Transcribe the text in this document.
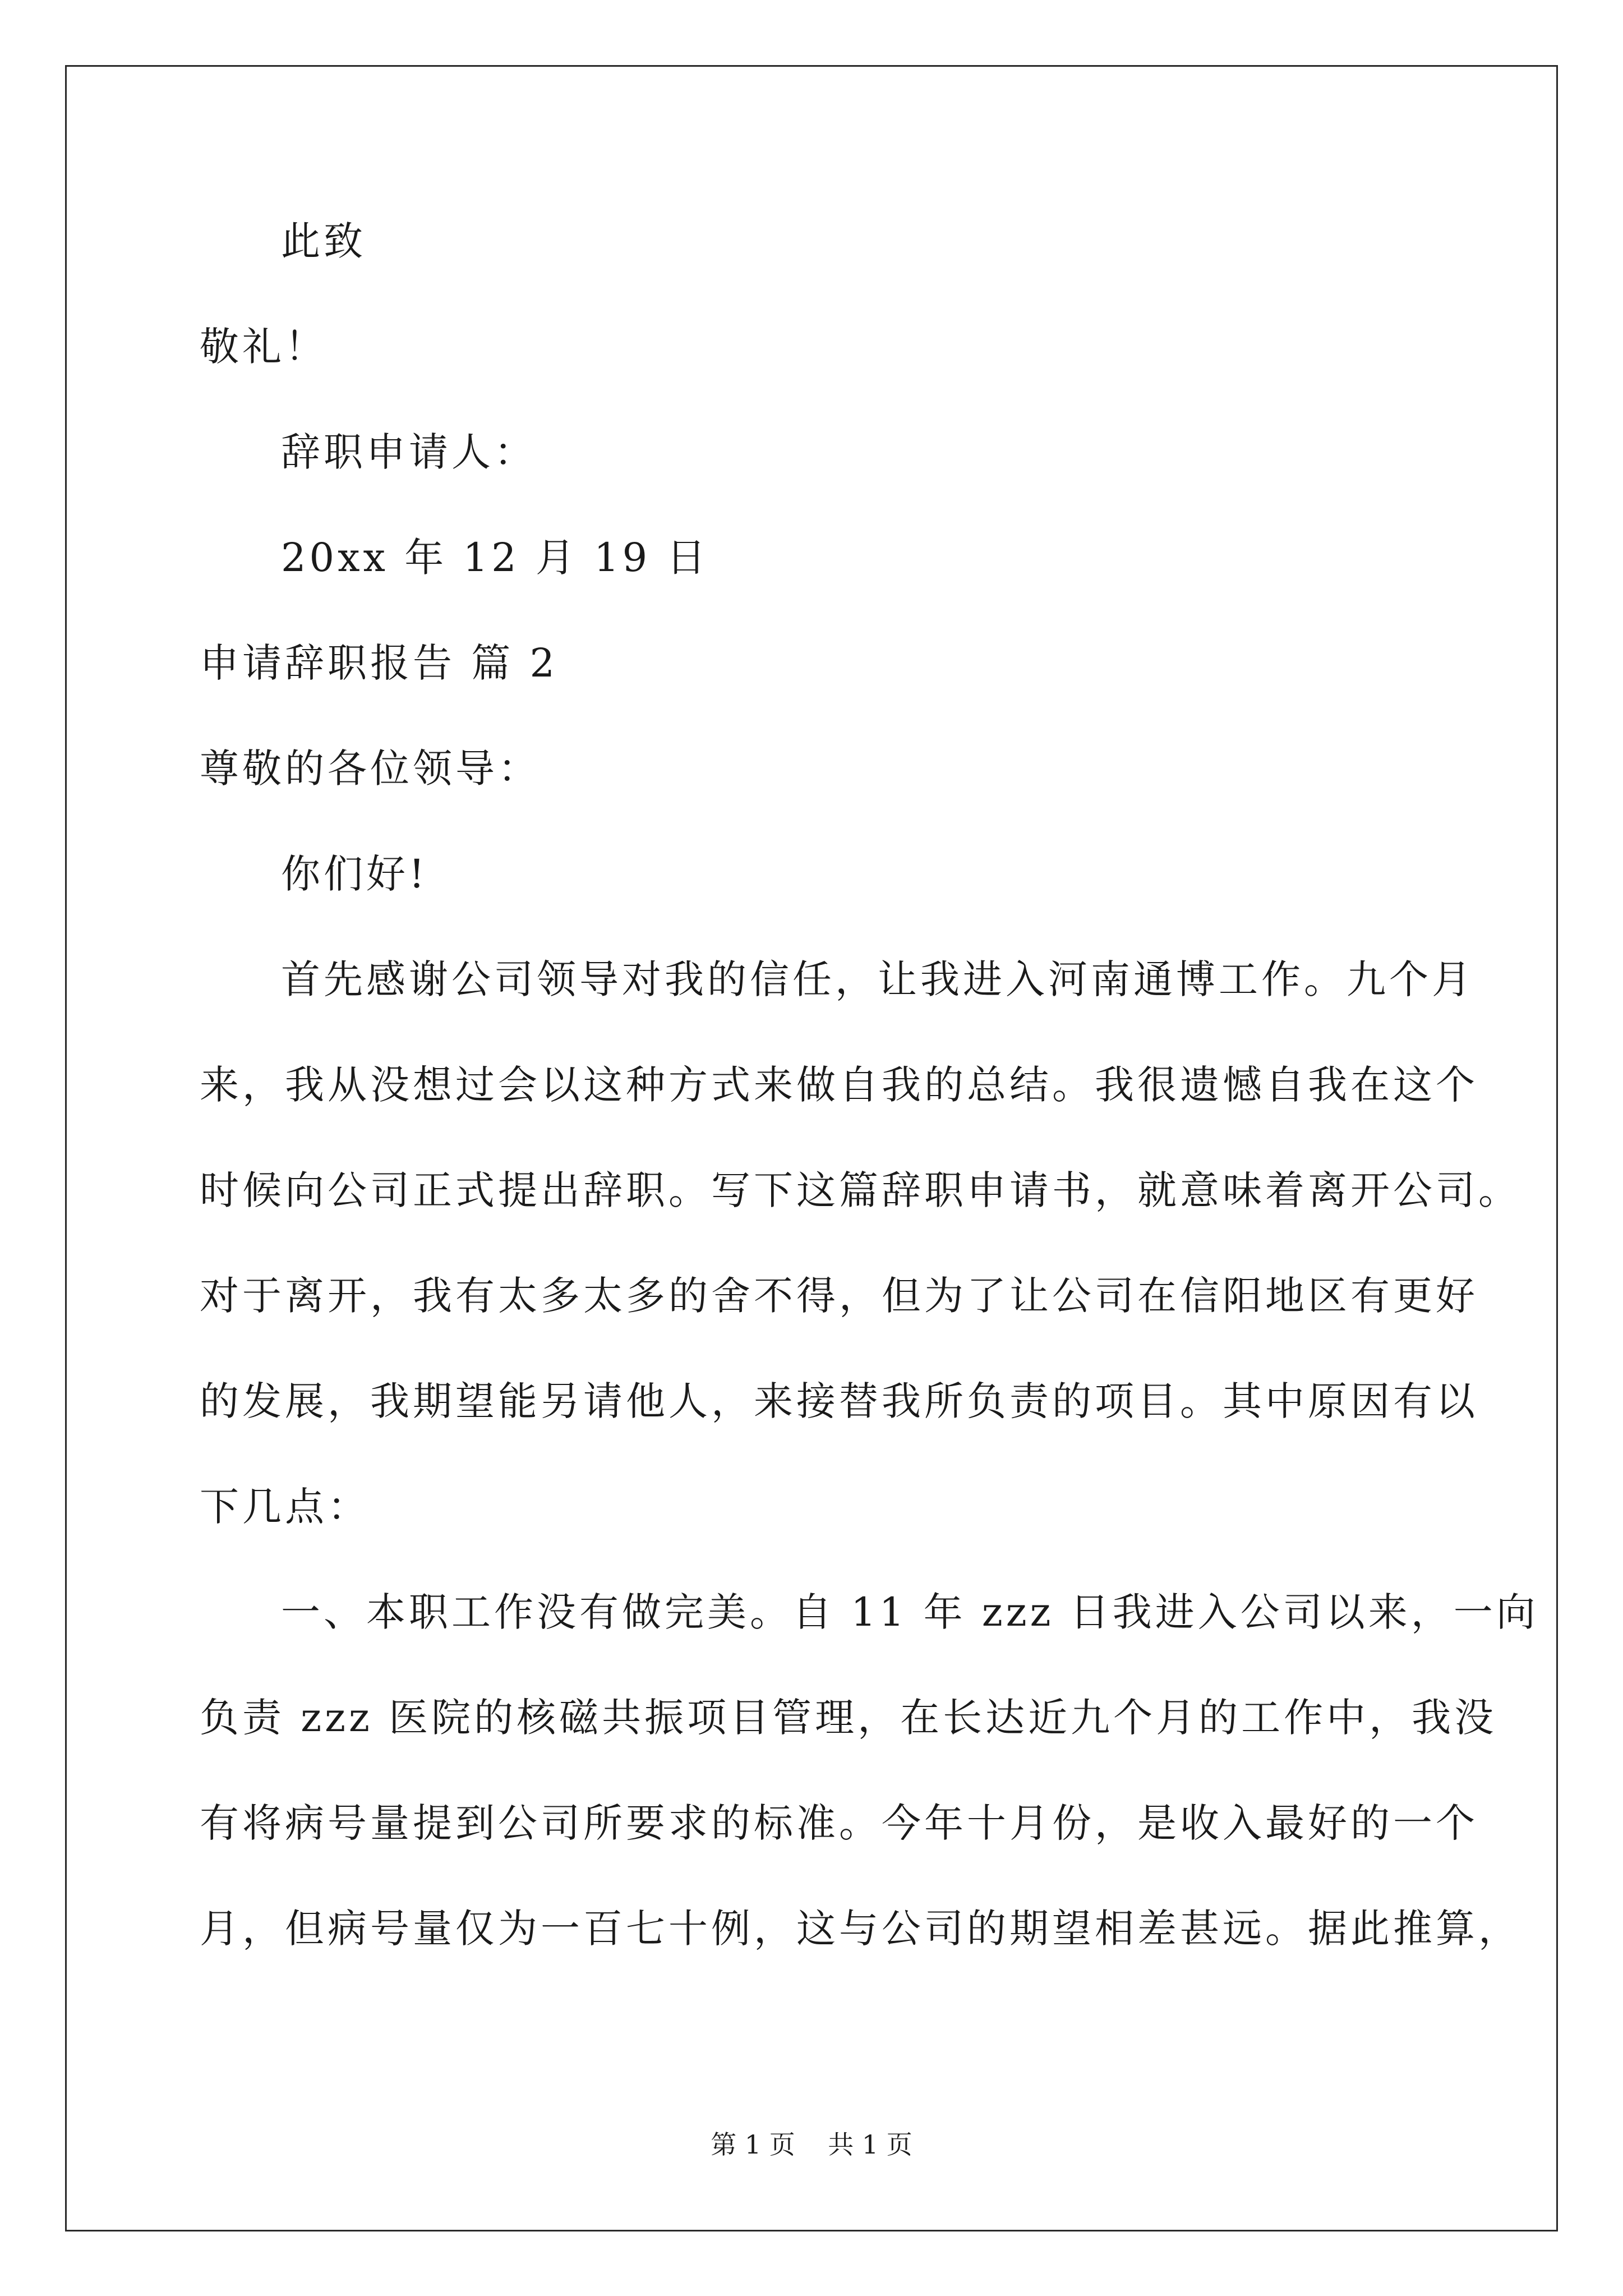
此致
敬礼！
辞职申请人：
20xx 年 12 月 19 日
申请辞职报告 篇 2
尊敬的各位领导：
你们好!
首先感谢公司领导对我的信任，让我进入河南通博工作。九个月
来，我从没想过会以这种方式来做自我的总结。我很遗憾自我在这个
时候向公司正式提出辞职。写下这篇辞职申请书，就意味着离开公司。
对于离开，我有太多太多的舍不得，但为了让公司在信阳地区有更好
的发展，我期望能另请他人，来接替我所负责的项目。其中原因有以
下几点：
一、本职工作没有做完美。自 11 年 zzz 日我进入公司以来，一向
负责 zzz 医院的核磁共振项目管理，在长达近九个月的工作中，我没
有将病号量提到公司所要求的标准。今年十月份，是收入最好的一个
月，但病号量仅为一百七十例，这与公司的期望相差甚远。据此推算，
第 1 页    共 1 页
